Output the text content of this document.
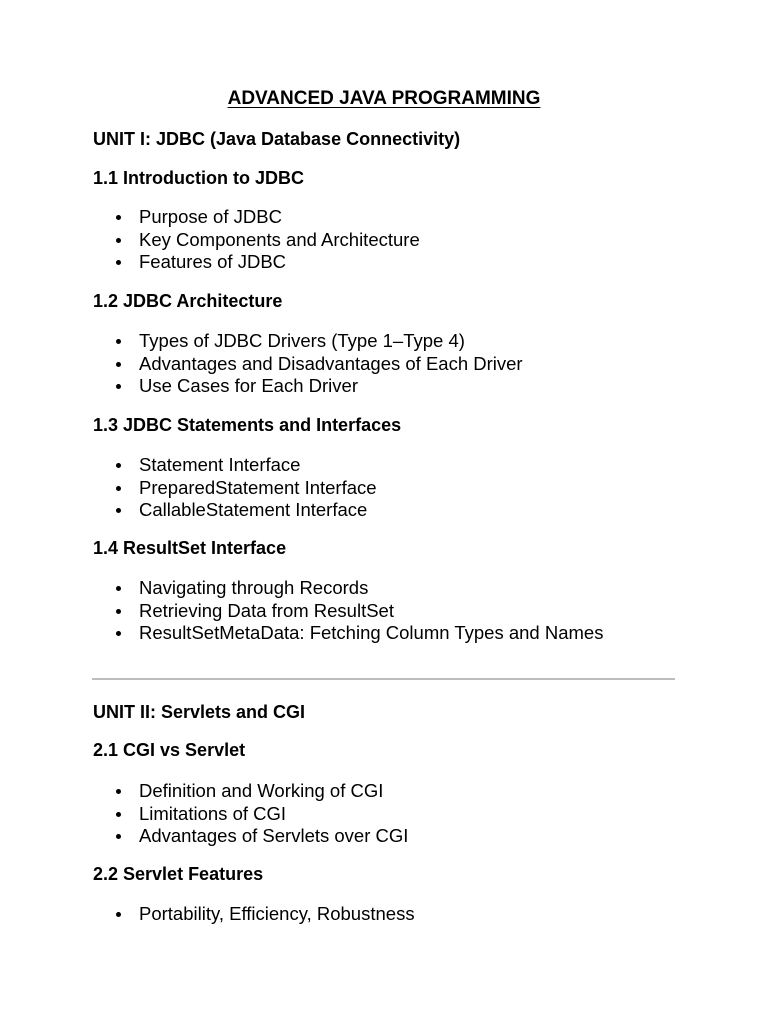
ADVANCED JAVA PROGRAMMING
UNIT I: JDBC (Java Database Connectivity)
1.1 Introduction to JDBC
Purpose of JDBC
Key Components and Architecture
Features of JDBC
1.2 JDBC Architecture
Types of JDBC Drivers (Type 1–Type 4)
Advantages and Disadvantages of Each Driver
Use Cases for Each Driver
1.3 JDBC Statements and Interfaces
Statement Interface
PreparedStatement Interface
CallableStatement Interface
1.4 ResultSet Interface
Navigating through Records
Retrieving Data from ResultSet
ResultSetMetaData: Fetching Column Types and Names
UNIT II: Servlets and CGI
2.1 CGI vs Servlet
Definition and Working of CGI
Limitations of CGI
Advantages of Servlets over CGI
2.2 Servlet Features
Portability, Efficiency, Robustness
